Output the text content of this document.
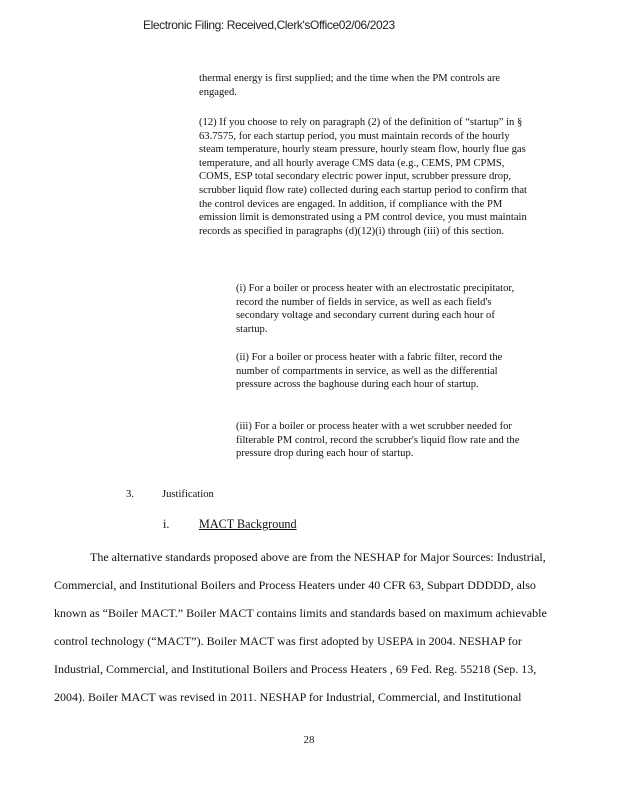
Electronic Filing: Received,Clerk'sOffice02/06/2023

thermal energy is first supplied; and the time when the PM controls are engaged.

(12) If you choose to rely on paragraph (2) of the definition of “startup” in § 63.7575, for each startup period, you must maintain records of the hourly steam temperature, hourly steam pressure, hourly steam flow, hourly flue gas temperature, and all hourly average CMS data (e.g., CEMS, PM CPMS, COMS, ESP total secondary electric power input, scrubber pressure drop, scrubber liquid flow rate) collected during each startup period to confirm that the control devices are engaged. In addition, if compliance with the PM emission limit is demonstrated using a PM control device, you must maintain records as specified in paragraphs (d)(12)(i) through (iii) of this section.

(i) For a boiler or process heater with an electrostatic precipitator, record the number of fields in service, as well as each field's secondary voltage and secondary current during each hour of startup.

(ii) For a boiler or process heater with a fabric filter, record the number of compartments in service, as well as the differential pressure across the baghouse during each hour of startup.

(iii) For a boiler or process heater with a wet scrubber needed for filterable PM control, record the scrubber's liquid flow rate and the pressure drop during each hour of startup.

3.	Justification
i. MACT Background

The alternative standards proposed above are from the NESHAP for Major Sources: Industrial, Commercial, and Institutional Boilers and Process Heaters under 40 CFR 63, Subpart DDDDD, also known as “Boiler MACT.” Boiler MACT contains limits and standards based on maximum achievable control technology (“MACT”). Boiler MACT was first adopted by USEPA in 2004. NESHAP for Industrial, Commercial, and Institutional Boilers and Process Heaters , 69 Fed. Reg. 55218 (Sep. 13, 2004). Boiler MACT was revised in 2011. NESHAP for Industrial, Commercial, and Institutional

28
